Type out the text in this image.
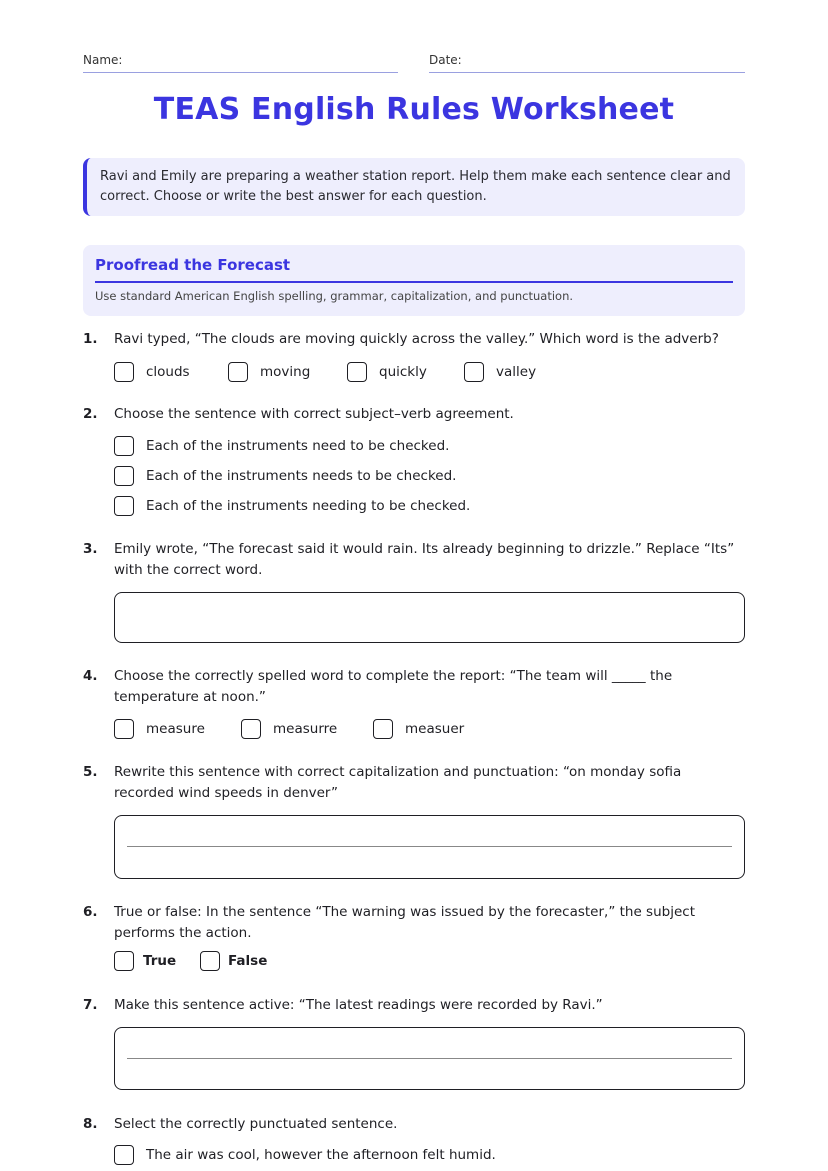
Name:	Date:
TEAS English Rules Worksheet
Ravi and Emily are preparing a weather station report. Help them make each sentence clear and correct. Choose or write the best answer for each question.
Proofread the Forecast
Use standard American English spelling, grammar, capitalization, and punctuation.
1. Ravi typed, “The clouds are moving quickly across the valley.” Which word is the adverb?
clouds	moving	quickly	valley
2. Choose the sentence with correct subject–verb agreement.
Each of the instruments need to be checked.
Each of the instruments needs to be checked.
Each of the instruments needing to be checked.
3. Emily wrote, “The forecast said it would rain. Its already beginning to drizzle.” Replace “Its” with the correct word.
4. Choose the correctly spelled word to complete the report: “The team will _____ the temperature at noon.”
measure	measurre	measuer
5. Rewrite this sentence with correct capitalization and punctuation: “on monday sofia recorded wind speeds in denver”
6. True or false: In the sentence “The warning was issued by the forecaster,” the subject performs the action.
True	False
7. Make this sentence active: “The latest readings were recorded by Ravi.”
8. Select the correctly punctuated sentence.
The air was cool, however the afternoon felt humid.
